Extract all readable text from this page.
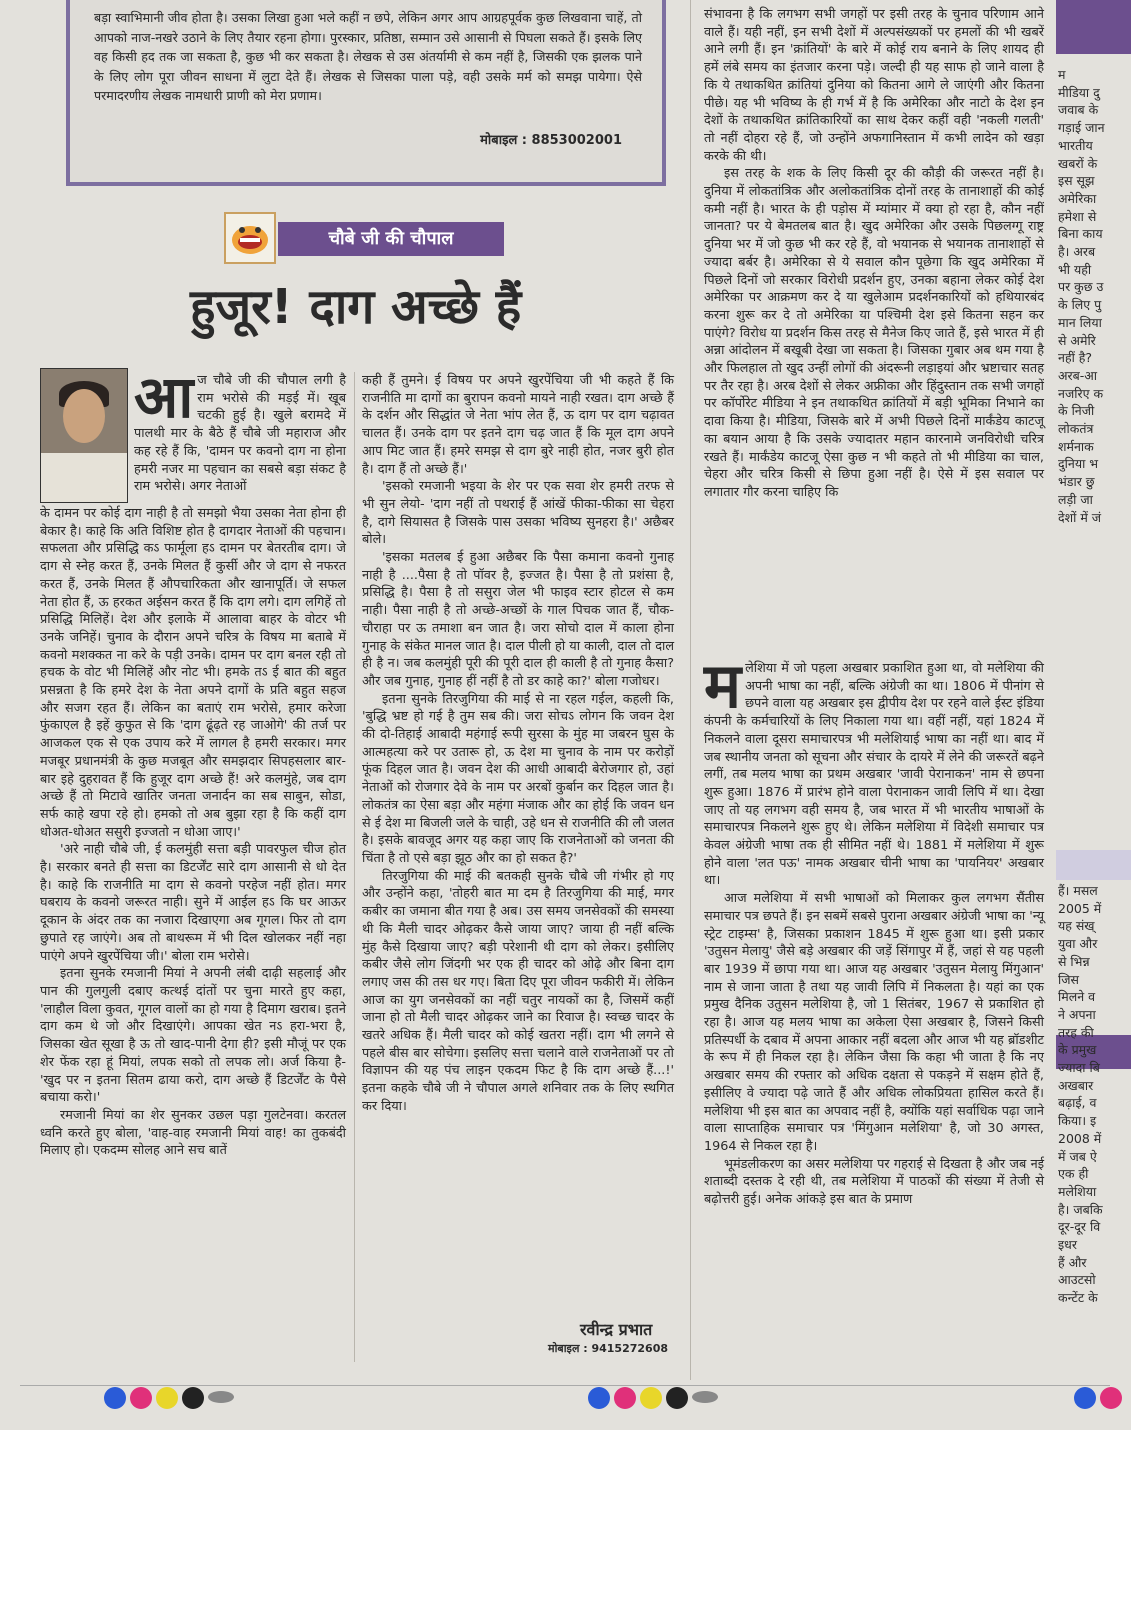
बड़ा स्वाभिमानी जीव होता है। उसका लिखा हुआ भले कहीं न छपे, लेकिन अगर आप आग्रहपूर्वक कुछ लिखवाना चाहें, तो आपको नाज-नखरे उठाने के लिए तैयार रहना होगा। पुरस्कार, प्रतिष्ठा, सम्मान उसे आसानी से पिघला सकते हैं। इसके लिए वह किसी हद तक जा सकता है, कुछ भी कर सकता है। लेखक से उस अंतर्यामी से कम नहीं है, जिसकी एक झलक पाने के लिए लोग पूरा जीवन साधना में लुटा देते हैं। लेखक से जिसका पाला पड़े, वही उसके मर्म को समझ पायेगा। ऐसे परमादरणीय लेखक नामधारी प्राणी को मेरा प्रणाम।

मोबाइल : 8853002001
चौबे जी की चौपाल
हुजूर! दाग अच्छे हैं
आ ज चौबे जी की चौपाल लगी है राम भरोसे की मड़ई में। खूब चटकी हुई है। खुले बरामदे में पालथी मार के बैठे हैं चौबे जी महाराज और कह रहे हैं कि, 'दामन पर कवनो दाग ना होना हमरी नजर मा पहचान का सबसे बड़ा संकट है राम भरोसे। अगर नेताओं

के दामन पर कोई दाग नाही है तो समझो भैया उसका नेता होना ही बेकार है। काहे कि अति विशिष्ट होत है दागदार नेताओं की पहचान। सफलता और प्रसिद्धि कऽ फार्मूला हऽ दामन पर बेतरतीब दाग। जे दाग से स्नेह करत हैं, उनके मिलत हैं कुर्सी और जे दाग से नफरत करत हैं, उनके मिलत हैं औपचारिकता और खानापूर्ति। जे सफल नेता होत हैं, ऊ हरकत अईसन करत हैं कि दाग लगे। दाग लगिहें तो प्रसिद्धि मिलिहें। देश और इलाके में आलावा बाहर के वोटर भी उनके जनिहें। चुनाव के दौरान अपने चरित्र के विषय मा बताबे में कवनो मशक्कत ना करे के पड़ी उनके। दामन पर दाग बनल रही तो हचक के वोट भी मिलिहें और नोट भी। हमके तऽ ई बात की बहुत प्रसन्नता है कि हमरे देश के नेता अपने दागों के प्रति बहुत सहज और सजग रहत हैं। लेकिन का बताएं राम भरोसे, हमार करेजा फुंकाएल है इहें कुफुत से कि 'दाग ढूंढ़ते रह जाओगे' की तर्ज पर आजकल एक से एक उपाय करे में लागल है हमरी सरकार। मगर मजबूर प्रधानमंत्री के कुछ मजबूत और समझदार सिपहसलार बार-बार इहे दुहरावत हैं कि हुजूर दाग अच्छे हैं! अरे कलमुंहे, जब दाग अच्छे हैं तो मिटावे खातिर जनता जनार्दन का सब साबुन, सोडा, सर्फ काहे खपा रहे हो। हमको तो अब बुझा रहा है कि कहीं दाग धोअत-धोअत ससुरी इज्जतो न धोआ जाए।'

'अरे नाही चौबे जी, ई कलमुंही सत्ता बड़ी पावरफुल चीज होत है। सरकार बनते ही सत्ता का डिटर्जेंट सारे दाग आसानी से धो देत है। काहे कि राजनीति मा दाग से कवनो परहेज नहीं होत। मगर घबराय के कवनो जरूरत नाही। सुने में आईल हऽ कि घर आऊर दूकान के अंदर तक का नजारा दिखाएगा अब गूगल। फिर तो दाग छुपाते रह जाएंगे। अब तो बाथरूम में भी दिल खोलकर नहीं नहा पाएंगे अपने खुरपेंचिया जी।' बोला राम भरोसे।

इतना सुनके रमजानी मियां ने अपनी लंबी दाढ़ी सहलाई और पान की गुलगुली दबाए कत्थई दांतों पर चुना मारते हुए कहा, 'लाहौल विला कुवत, गूगल वालों का हो गया है दिमाग खराब। इतने दाग कम थे जो और दिखाएंगे। आपका खेत नऽ हरा-भरा है, जिसका खेत सूखा है ऊ तो खाद-पानी देगा ही? इसी मौजूं पर एक शेर फेंक रहा हूं मियां, लपक सको तो लपक लो। अर्ज किया है- 'खुद पर न इतना सितम ढाया करो, दाग अच्छे हैं डिटर्जेंट के पैसे बचाया करो।'

रमजानी मियां का शेर सुनकर उछल पड़ा गुलटेनवा। करतल ध्वनि करते हुए बोला, 'वाह-वाह रमजानी मियां वाह! का तुकबंदी मिलाए हो। एकदम्म सोलह आने सच बातें

कही हैं तुमने। ई विषय पर अपने खुरपेंचिया जी भी कहते हैं कि राजनीति मा दागों का बुरापन कवनो मायने नाही रखत। दाग अच्छे हैं के दर्शन और सिद्धांत जे नेता भांप लेत हैं, ऊ दाग पर दाग चढ़ावत चालत हैं। उनके दाग पर इतने दाग चढ़ जात हैं कि मूल दाग अपने आप मिट जात हैं। हमरे समझ से दाग बुरे नाही होत, नजर बुरी होत है। दाग हैं तो अच्छे हैं।'

'इसको रमजानी भइया के शेर पर एक सवा शेर हमरी तरफ से भी सुन लेयो- 'दाग नहीं तो पथराई हैं आंखें फीका-फीका सा चेहरा है, दागे सियासत है जिसके पास उसका भविष्य सुनहरा है।' अछैबर बोले।

'इसका मतलब ई हुआ अछैबर कि पैसा कमाना कवनो गुनाह नाही है ....पैसा है तो पॉवर है, इज्जत है। पैसा है तो प्रशंसा है, प्रसिद्धि है। पैसा है तो ससुरा जेल भी फाइव स्टार होटल से कम नाही। पैसा नाही है तो अच्छे-अच्छों के गाल पिचक जात हैं, चौक-चौराहा पर ऊ तमाशा बन जात है। जरा सोचो दाल में काला होना गुनाह के संकेत मानल जात है। दाल पीली हो या काली, दाल तो दाल ही है न। जब कलमुंही पूरी की पूरी दाल ही काली है तो गुनाह कैसा? और जब गुनाह, गुनाह हीं नहीं है तो डर काहे का?' बोला गजोधर।

इतना सुनके तिरजुगिया की माई से ना रहल गईल, कहली कि, 'बुद्धि भ्रष्ट हो गई है तुम सब की। जरा सोचऽ लोगन कि जवन देश की दो-तिहाई आबादी महंगाई रूपी सुरसा के मुंह मा जबरन घुस के आत्महत्या करे पर उतारू हो, ऊ देश मा चुनाव के नाम पर करोड़ों फूंक दिहल जात है। जवन देश की आधी आबादी बेरोजगार हो, उहां नेताओं को रोजगार देवे के नाम पर अरबों कुर्बान कर दिहल जात है। लोकतंत्र का ऐसा बड़ा और महंगा मंजाक और का होई कि जवन धन से ई देश मा बिजली जले के चाही, उहे धन से राजनीति की लौ जलत है। इसके बावजूद अगर यह कहा जाए कि राजनेताओं को जनता की चिंता है तो एसे बड़ा झूठ और का हो सकत है?'

तिरजुगिया की माई की बतकही सुनके चौबे जी गंभीर हो गए और उन्होंने कहा, 'तोहरी बात मा दम है तिरजुगिया की माई, मगर कबीर का जमाना बीत गया है अब। उस समय जनसेवकों की समस्या थी कि मैली चादर ओढ़कर कैसे जाया जाए? जाया ही नहीं बल्कि मुंह कैसे दिखाया जाए? बड़ी परेशानी थी दाग को लेकर। इसीलिए कबीर जैसे लोग जिंदगी भर एक ही चादर को ओढ़े और बिना दाग लगाए जस की तस धर गए। बिता दिए पूरा जीवन फकीरी में। लेकिन आज का युग जनसेवकों का नहीं चतुर नायकों का है, जिसमें कहीं जाना हो तो मैली चादर ओढ़कर जाने का रिवाज है। स्वच्छ चादर के खतरे अधिक हैं। मैली चादर को कोई खतरा नहीं। दाग भी लगने से पहले बीस बार सोचेगा। इसलिए सत्ता चलाने वाले राजनेताओं पर तो विज्ञापन की यह पंच लाइन एकदम फिट है कि दाग अच्छे हैं...!' इतना कहके चौबे जी ने चौपाल अगले शनिवार तक के लिए स्थगित कर दिया।

रवीन्द्र प्रभात
मोबाइल : 9415272608

संभावना है कि लगभग सभी जगहों पर इसी तरह के चुनाव परिणाम आने वाले हैं। यही नहीं, इन सभी देशों में अल्पसंख्यकों पर हमलों की भी खबरें आने लगी हैं। इन 'क्रांतियों' के बारे में कोई राय बनाने के लिए शायद ही हमें लंबे समय का इंतजार करना पड़े। जल्दी ही यह साफ हो जाने वाला है कि ये तथाकथित क्रांतियां दुनिया को कितना आगे ले जाएंगी और कितना पीछे। यह भी भविष्य के ही गर्भ में है कि अमेरिका और नाटो के देश इन देशों के तथाकथित क्रांतिकारियों का साथ देकर कहीं वही 'नकली गलती' तो नहीं दोहरा रहे हैं, जो उन्होंने अफगानिस्तान में कभी लादेन को खड़ा करके की थी।

इस तरह के शक के लिए किसी दूर की कौड़ी की जरूरत नहीं है। दुनिया में लोकतांत्रिक और अलोकतांत्रिक दोनों तरह के तानाशाहों की कोई कमी नहीं है। भारत के ही पड़ोस में म्यांमार में क्या हो रहा है, कौन नहीं जानता? पर ये बेमतलब बात है। खुद अमेरिका और उसके पिछलग्गू राष्ट्र दुनिया भर में जो कुछ भी कर रहे हैं, वो भयानक से भयानक तानाशाहों से ज्यादा बर्बर है। अमेरिका से ये सवाल कौन पूछेगा कि खुद अमेरिका में पिछले दिनों जो सरकार विरोधी प्रदर्शन हुए, उनका बहाना लेकर कोई देश अमेरिका पर आक्रमण कर दे या खुलेआम प्रदर्शनकारियों को हथियारबंद करना शुरू कर दे तो अमेरिका या पश्चिमी देश इसे कितना सहन कर पाएंगे? विरोध या प्रदर्शन किस तरह से मैनेज किए जाते हैं, इसे भारत में ही अन्ना आंदोलन में बखूबी देखा जा सकता है। जिसका गुबार अब थम गया है और फिलहाल तो खुद उन्हीं लोगों की अंदरूनी लड़ाइयां और भ्रष्टाचार सतह पर तैर रहा है। अरब देशों से लेकर अफ्रीका और हिंदुस्तान तक सभी जगहों पर कॉर्पोरेट मीडिया ने इन तथाकथित क्रांतियों में बड़ी भूमिका निभाने का दावा किया है। मीडिया, जिसके बारे में अभी पिछले दिनों मार्कंडेय काटजू का बयान आया है कि उसके ज्यादातर महान कारनामे जनविरोधी चरित्र रखते हैं। मार्कंडेय काटजू ऐसा कुछ न भी कहते तो भी मीडिया का चाल, चेहरा और चरित्र किसी से छिपा हुआ नहीं है। ऐसे में इस सवाल पर लगातार गौर करना चाहिए कि

म लेशिया में जो पहला अखबार प्रकाशित हुआ था, वो मलेशिया की अपनी भाषा का नहीं, बल्कि अंग्रेजी का था। 1806 में पीनांग से छपने वाला यह अखबार इस द्वीपीय देश पर रहने वाले ईस्ट इंडिया कंपनी के कर्मचारियों के लिए निकाला गया था। वहीं नहीं, यहां 1824 में निकलने वाला दूसरा समाचारपत्र भी मलेशियाई भाषा का नहीं था। बाद में जब स्थानीय जनता को सूचना और संचार के दायरे में लेने की जरूरतें बढ़ने लगीं, तब मलय भाषा का प्रथम अखबार 'जावी पेरानाकन' नाम से छपना शुरू हुआ। 1876 में प्रारंभ होने वाला पेरानाकन जावी लिपि में था। देखा जाए तो यह लगभग वही समय है, जब भारत में भी भारतीय भाषाओं के समाचारपत्र निकलने शुरू हुए थे। लेकिन मलेशिया में विदेशी समाचार पत्र केवल अंग्रेजी भाषा तक ही सीमित नहीं थे। 1881 में मलेशिया में शुरू होने वाला 'लत पऊ' नामक अखबार चीनी भाषा का 'पायनियर' अखबार था।

आज मलेशिया में सभी भाषाओं को मिलाकर कुल लगभग सैंतीस समाचार पत्र छपते हैं। इन सबमें सबसे पुराना अखबार अंग्रेजी भाषा का 'न्यू स्ट्रेट टाइम्स' है, जिसका प्रकाशन 1845 में शुरू हुआ था। इसी प्रकार 'उतुसन मेलायु' जैसे बड़े अखबार की जड़ें सिंगापुर में हैं, जहां से यह पहली बार 1939 में छापा गया था। आज यह अखबार 'उतुसन मेलायु मिंगुआन' नाम से जाना जाता है तथा यह जावी लिपि में निकलता है। यहां का एक प्रमुख दैनिक उतुसन मलेशिया है, जो 1 सितंबर, 1967 से प्रकाशित हो रहा है। आज यह मलय भाषा का अकेला ऐसा अखबार है, जिसने किसी प्रतिस्पर्धी के दबाव में अपना आकार नहीं बदला और आज भी यह ब्रॉडशीट के रूप में ही निकल रहा है। लेकिन जैसा कि कहा भी जाता है कि नए अखबार समय की रफ्तार को अधिक दक्षता से पकड़ने में सक्षम होते हैं, इसीलिए वे ज्यादा पढ़े जाते हैं और अधिक लोकप्रियता हासिल करते हैं। मलेशिया भी इस बात का अपवाद नहीं है, क्योंकि यहां सर्वाधिक पढ़ा जाने वाला साप्ताहिक समाचार पत्र 'मिंगुआन मलेशिया' है, जो 30 अगस्त, 1964 से निकल रहा है।

भूमंडलीकरण का असर मलेशिया पर गहराई से दिखता है और जब नई शताब्दी दस्तक दे रही थी, तब मलेशिया में पाठकों की संख्या में तेजी से बढ़ोत्तरी हुई। अनेक आंकड़े इस बात के प्रमाण

म
मीडिया दु
जवाब के
गड़ाई जान
भारतीय
खबरों के
इस सूझ
अमेरिका
हमेशा से
बिना काय
है। अरब
भी यही
पर कुछ उ
के लिए पु
मान लिया
से अमेरि
नहीं है?
अरब-आ
नजरिए क
के निजी
लोकतंत्र
शर्मनाक
दुनिया भ
भंडार छु
लड़ी जा
देशों में जं
हैं। मसल
2005 में
यह संख्
युवा और
से भिन्न
जिस
मिलने व
ने अपना
तरह की
के प्रमुख
ज्यादा बि
अखबार
बढ़ाई, व
किया। इ
2008 में
में जब ऐ
एक ही
मलेशिया
है। जबकि
दूर-दूर वि
इधर
हैं और
आउटसो
कन्टेंट के
